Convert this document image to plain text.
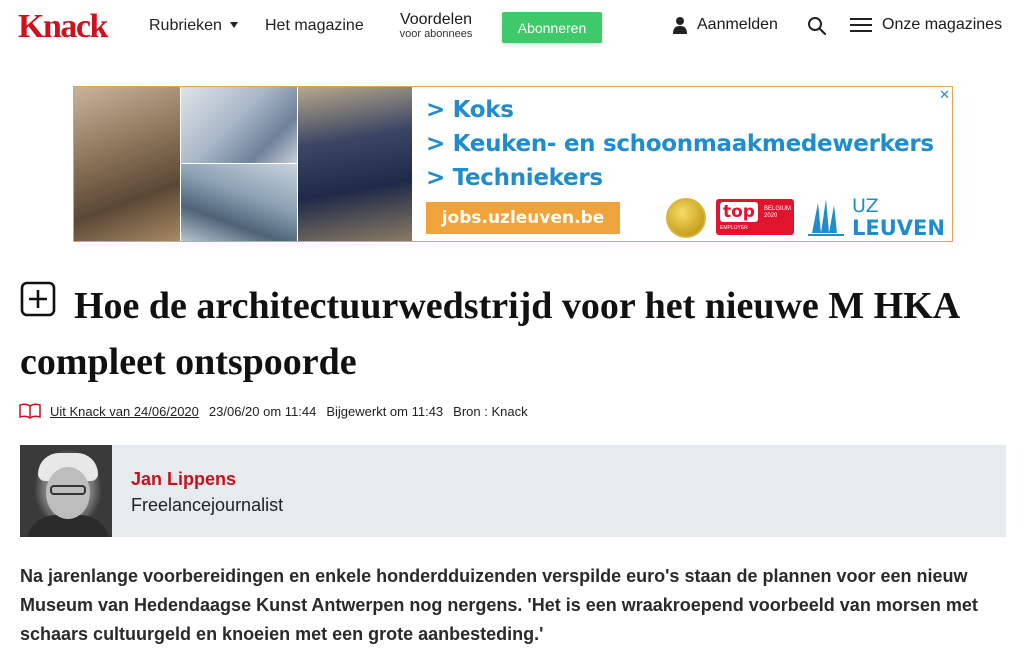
Knack	Rubrieken	Het magazine	Voordelen
voor abonnees	Abonneren	Aanmelden	Onze magazines
> Koks
> Keuken- en schoonmaakmedewerkers
> Techniekers
jobs.uzleuven.be	top	BELGIUM
2020
EMPLOYER
UZ
LEUVEN
✕
Hoe de architectuurwedstrijd voor het nieuwe M HKA compleet ontspoorde
Uit Knack van 24/06/2020 23/06/20 om 11:44 Bijgewerkt om 11:43 Bron : Knack
Jan Lippens
Freelancejournalist

Na jarenlange voorbereidingen en enkele honderdduizenden verspilde euro's staan de plannen voor een nieuw Museum van Hedendaagse Kunst Antwerpen nog nergens. 'Het is een wraakroepend voorbeeld van morsen met schaars cultuurgeld en knoeien met een grote aanbesteding.'
